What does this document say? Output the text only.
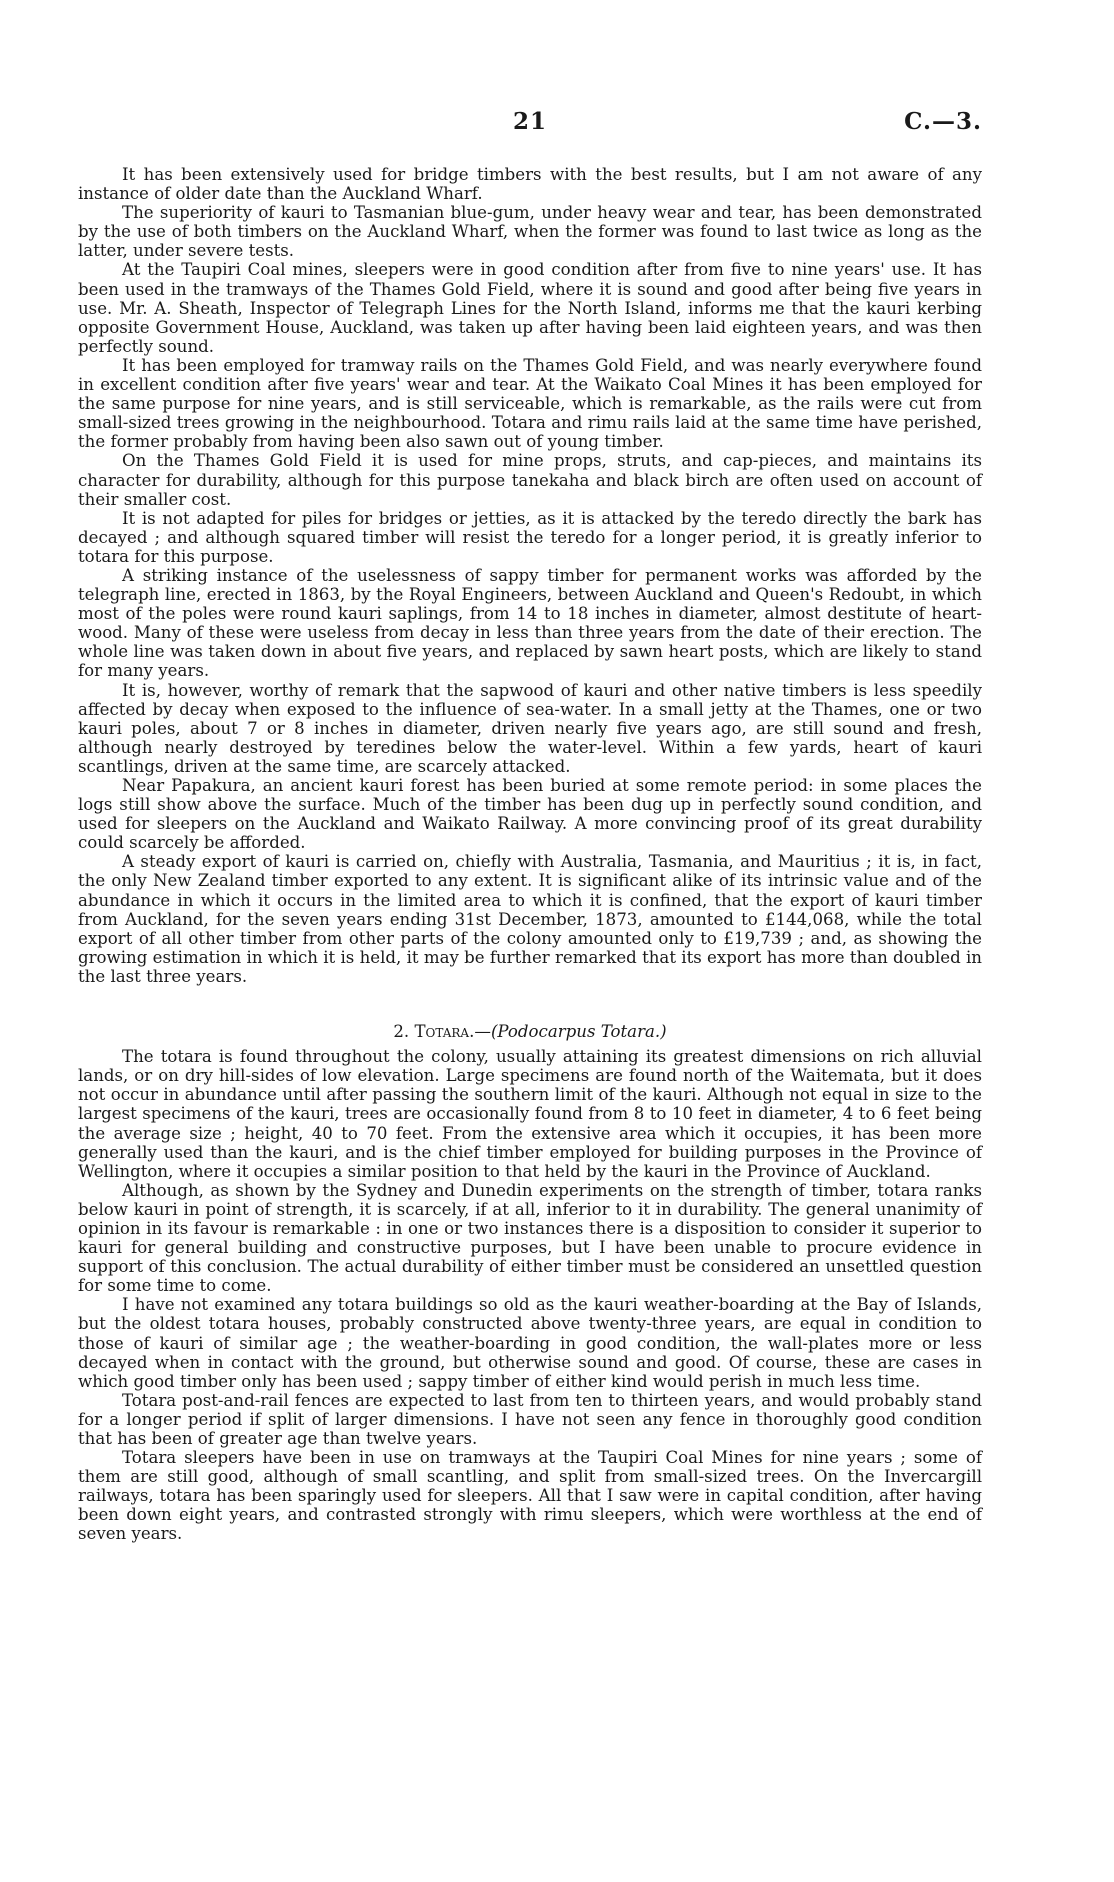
21	C.—3.

It has been extensively used for bridge timbers with the best results, but I am not aware of any instance of older date than the Auckland Wharf.

The superiority of kauri to Tasmanian blue-gum, under heavy wear and tear, has been demonstrated by the use of both timbers on the Auckland Wharf, when the former was found to last twice as long as the latter, under severe tests.

At the Taupiri Coal mines, sleepers were in good condition after from five to nine years' use. It has been used in the tramways of the Thames Gold Field, where it is sound and good after being five years in use. Mr. A. Sheath, Inspector of Telegraph Lines for the North Island, informs me that the kauri kerbing opposite Government House, Auckland, was taken up after having been laid eighteen years, and was then perfectly sound.

It has been employed for tramway rails on the Thames Gold Field, and was nearly everywhere found in excellent condition after five years' wear and tear. At the Waikato Coal Mines it has been employed for the same purpose for nine years, and is still serviceable, which is remarkable, as the rails were cut from small-sized trees growing in the neighbourhood. Totara and rimu rails laid at the same time have perished, the former probably from having been also sawn out of young timber.

On the Thames Gold Field it is used for mine props, struts, and cap-pieces, and maintains its character for durability, although for this purpose tanekaha and black birch are often used on account of their smaller cost.

It is not adapted for piles for bridges or jetties, as it is attacked by the teredo directly the bark has decayed ; and although squared timber will resist the teredo for a longer period, it is greatly inferior to totara for this purpose.

A striking instance of the uselessness of sappy timber for permanent works was afforded by the telegraph line, erected in 1863, by the Royal Engineers, between Auckland and Queen's Redoubt, in which most of the poles were round kauri saplings, from 14 to 18 inches in diameter, almost destitute of heart-wood. Many of these were useless from decay in less than three years from the date of their erection. The whole line was taken down in about five years, and replaced by sawn heart posts, which are likely to stand for many years.

It is, however, worthy of remark that the sapwood of kauri and other native timbers is less speedily affected by decay when exposed to the influence of sea-water. In a small jetty at the Thames, one or two kauri poles, about 7 or 8 inches in diameter, driven nearly five years ago, are still sound and fresh, although nearly destroyed by teredines below the water-level. Within a few yards, heart of kauri scantlings, driven at the same time, are scarcely attacked.

Near Papakura, an ancient kauri forest has been buried at some remote period: in some places the logs still show above the surface. Much of the timber has been dug up in perfectly sound condition, and used for sleepers on the Auckland and Waikato Railway. A more convincing proof of its great durability could scarcely be afforded.

A steady export of kauri is carried on, chiefly with Australia, Tasmania, and Mauritius ; it is, in fact, the only New Zealand timber exported to any extent. It is significant alike of its intrinsic value and of the abundance in which it occurs in the limited area to which it is confined, that the export of kauri timber from Auckland, for the seven years ending 31st December, 1873, amounted to £144,068, while the total export of all other timber from other parts of the colony amounted only to £19,739 ; and, as showing the growing estimation in which it is held, it may be further remarked that its export has more than doubled in the last three years.

2. Totara.—(Podocarpus Totara.)

The totara is found throughout the colony, usually attaining its greatest dimensions on rich alluvial lands, or on dry hill-sides of low elevation. Large specimens are found north of the Waitemata, but it does not occur in abundance until after passing the southern limit of the kauri. Although not equal in size to the largest specimens of the kauri, trees are occasionally found from 8 to 10 feet in diameter, 4 to 6 feet being the average size ; height, 40 to 70 feet. From the extensive area which it occupies, it has been more generally used than the kauri, and is the chief timber employed for building purposes in the Province of Wellington, where it occupies a similar position to that held by the kauri in the Province of Auckland.

Although, as shown by the Sydney and Dunedin experiments on the strength of timber, totara ranks below kauri in point of strength, it is scarcely, if at all, inferior to it in durability. The general unanimity of opinion in its favour is remarkable : in one or two instances there is a disposition to consider it superior to kauri for general building and constructive purposes, but I have been unable to procure evidence in support of this conclusion. The actual durability of either timber must be considered an unsettled question for some time to come.

I have not examined any totara buildings so old as the kauri weather-boarding at the Bay of Islands, but the oldest totara houses, probably constructed above twenty-three years, are equal in condition to those of kauri of similar age ; the weather-boarding in good condition, the wall-plates more or less decayed when in contact with the ground, but otherwise sound and good. Of course, these are cases in which good timber only has been used ; sappy timber of either kind would perish in much less time.

Totara post-and-rail fences are expected to last from ten to thirteen years, and would probably stand for a longer period if split of larger dimensions. I have not seen any fence in thoroughly good condition that has been of greater age than twelve years.

Totara sleepers have been in use on tramways at the Taupiri Coal Mines for nine years ; some of them are still good, although of small scantling, and split from small-sized trees. On the Invercargill railways, totara has been sparingly used for sleepers. All that I saw were in capital condition, after having been down eight years, and contrasted strongly with rimu sleepers, which were worthless at the end of seven years.
